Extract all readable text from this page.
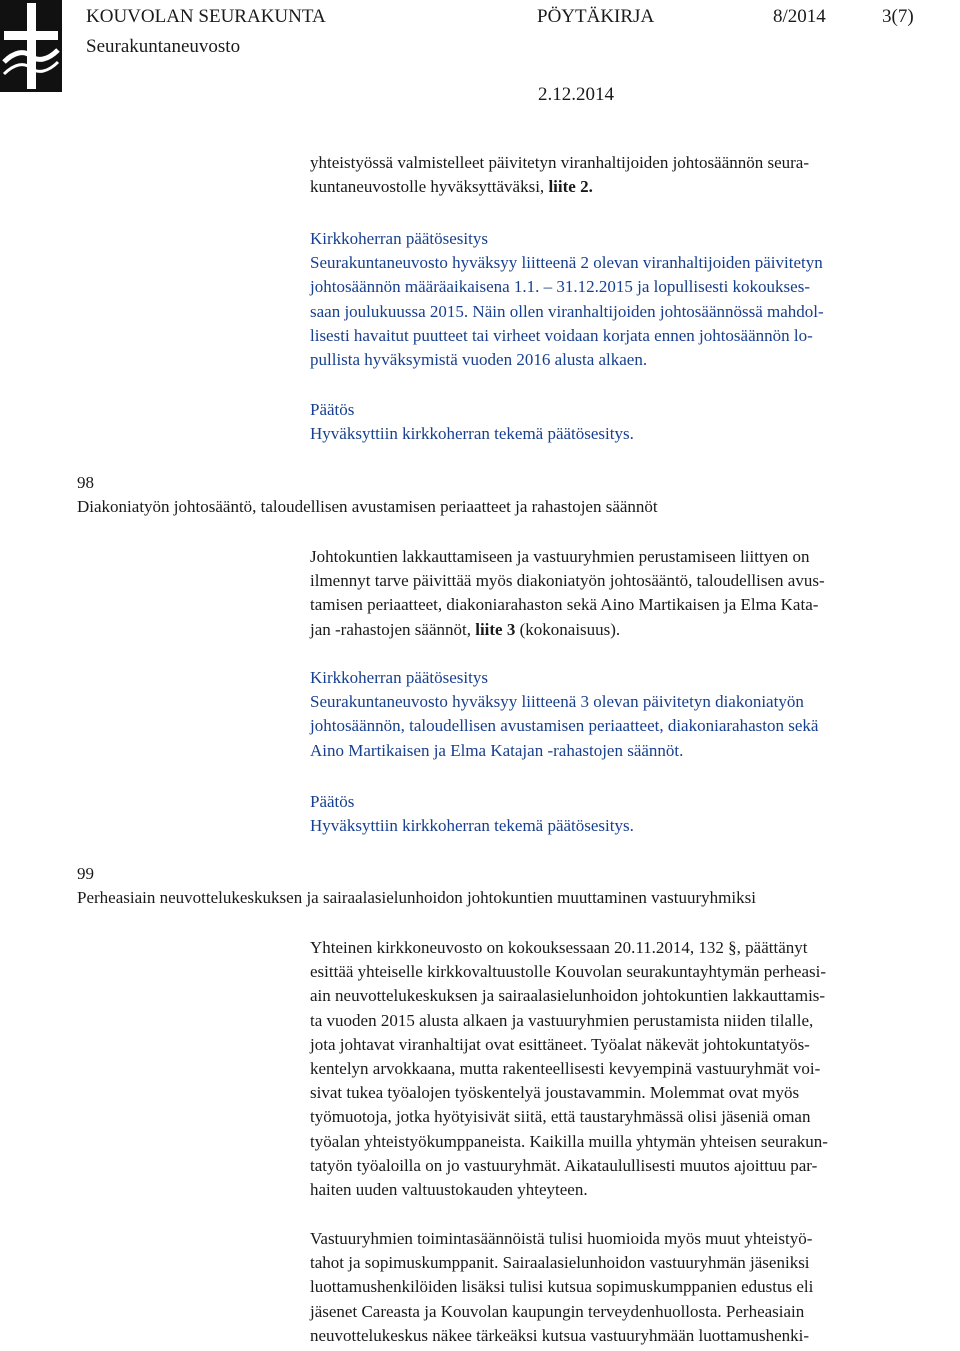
KOUVOLAN SEURAKUNTA	PÖYTÄKIRJA	8/2014	3(7)
Seurakuntaneuvosto
2.12.2014
yhteistyössä valmistelleet päivitetyn viranhaltijoiden johtosäännön seura-
kuntaneuvostolle hyväksyttäväksi, liite 2.
Kirkkoherran päätösesitys
Seurakuntaneuvosto hyväksyy liitteenä 2 olevan viranhaltijoiden päivitetyn
johtosäännön määräaikaisena 1.1. – 31.12.2015 ja lopullisesti kokoukses-
saan joulukuussa 2015. Näin ollen viranhaltijoiden johtosäännössä mahdol-
lisesti havaitut puutteet tai virheet voidaan korjata ennen johtosäännön lo-
pullista hyväksymistä vuoden 2016 alusta alkaen.
Päätös
Hyväksyttiin kirkkoherran tekemä päätösesitys.
98
Diakoniatyön johtosääntö, taloudellisen avustamisen periaatteet ja rahastojen säännöt
Johtokuntien lakkauttamiseen ja vastuuryhmien perustamiseen liittyen on
ilmennyt tarve päivittää myös diakoniatyön johtosääntö, taloudellisen avus-
tamisen periaatteet, diakoniarahaston sekä Aino Martikaisen ja Elma Kata-
jan -rahastojen säännöt, liite 3 (kokonaisuus).
Kirkkoherran päätösesitys
Seurakuntaneuvosto hyväksyy liitteenä 3 olevan päivitetyn diakoniatyön
johtosäännön, taloudellisen avustamisen periaatteet, diakoniarahaston sekä
Aino Martikaisen ja Elma Katajan -rahastojen säännöt.
Päätös
Hyväksyttiin kirkkoherran tekemä päätösesitys.
99
Perheasiain neuvottelukeskuksen ja sairaalasielunhoidon johtokuntien muuttaminen vastuuryhmiksi
Yhteinen kirkkoneuvosto on kokouksessaan 20.11.2014, 132 §, päättänyt
esittää yhteiselle kirkkovaltuustolle Kouvolan seurakuntayhtymän perheasi-
ain neuvottelukeskuksen ja sairaalasielunhoidon johtokuntien lakkauttamis-
ta vuoden 2015 alusta alkaen ja vastuuryhmien perustamista niiden tilalle,
jota johtavat viranhaltijat ovat esittäneet. Työalat näkevät johtokuntatyös-
kentelyn arvokkaana, mutta rakenteellisesti kevyempinä vastuuryhmät voi-
sivat tukea työalojen työskentelyä joustavammin. Molemmat ovat myös
työmuotoja, jotka hyötyisivät siitä, että taustaryhmässä olisi jäseniä oman
työalan yhteistyökumppaneista. Kaikilla muilla yhtymän yhteisen seurakun-
tatyön työaloilla on jo vastuuryhmät. Aikataulullisesti muutos ajoittuu par-
haiten uuden valtuustokauden yhteyteen.
Vastuuryhmien toimintasäännöistä tulisi huomioida myös muut yhteistyö-
tahot ja sopimuskumppanit. Sairaalasielunhoidon vastuuryhmän jäseniksi
luottamushenkilöiden lisäksi tulisi kutsua sopimuskumppanien edustus eli
jäsenet Careasta ja Kouvolan kaupungin terveydenhuollosta. Perheasiain
neuvottelukeskus näkee tärkeäksi kutsua vastuuryhmään luottamushenki-
